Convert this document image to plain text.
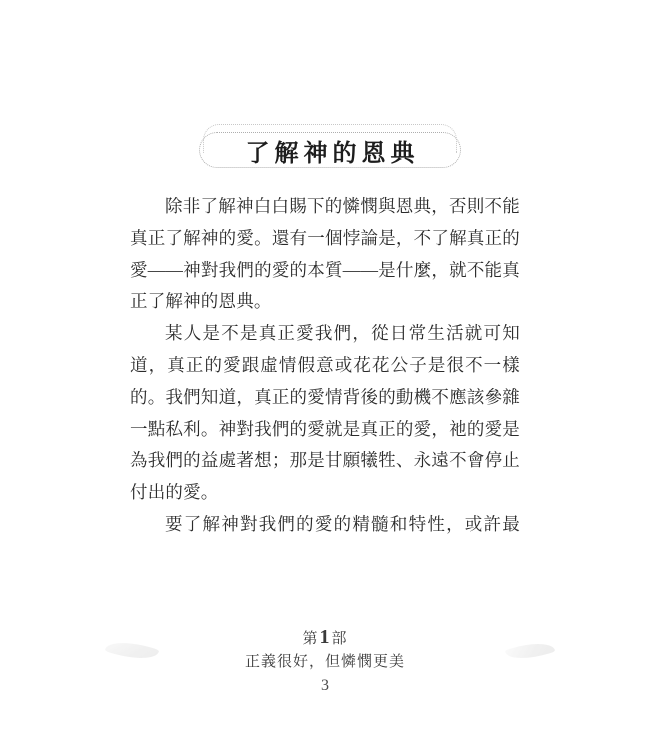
了解神的恩典
除非了解神白白賜下的憐憫與恩典，否則不能
真正了解神的愛。還有一個悖論是，不了解真正的
愛——神對我們的愛的本質——是什麼，就不能真
正了解神的恩典。
某人是不是真正愛我們，從日常生活就可知
道，真正的愛跟虛情假意或花花公子是很不一樣
的。我們知道，真正的愛情背後的動機不應該參雜
一點私利。神對我們的愛就是真正的愛，祂的愛是
為我們的益處著想；那是甘願犧牲、永遠不會停止
付出的愛。
要了解神對我們的愛的精髓和特性，或許最
第1部
正義很好，但憐憫更美
3
